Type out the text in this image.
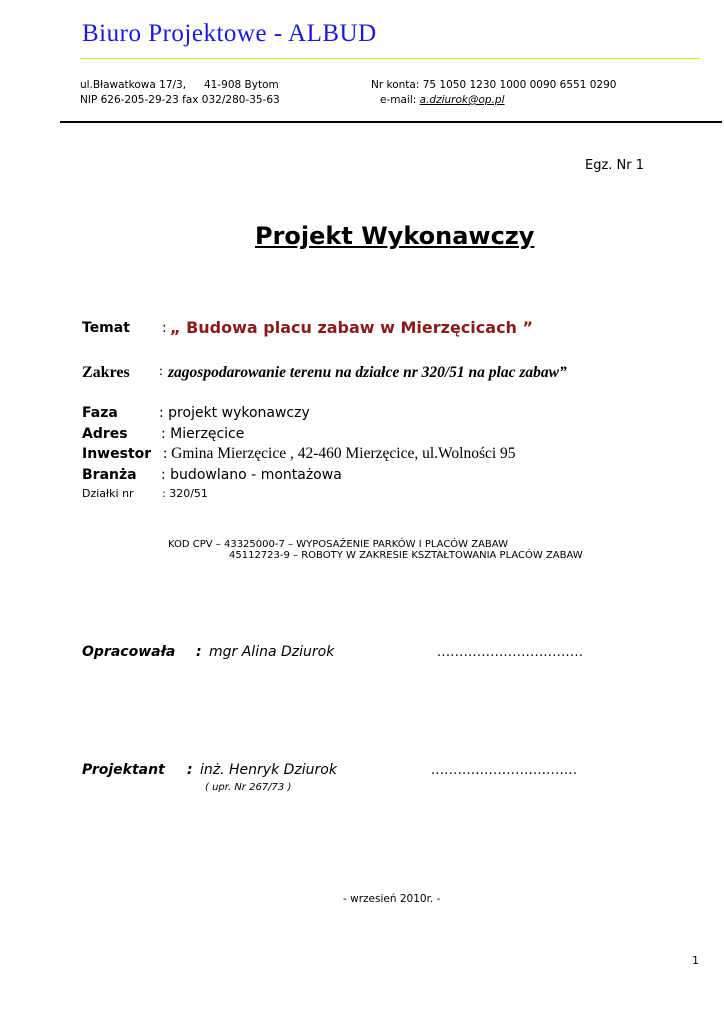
Biuro Projektowe - ALBUD
ul.Bławatkowa 17/3, 41-908 Bytom
NIP 626-205-29-23 fax 032/280-35-63
Nr konta: 75 1050 1230 1000 0090 6551 0290
e-mail: a.dziurok@op.pl
Egz. Nr 1
Projekt Wykonawczy
Temat : „ Budowa placu zabaw w Mierzęcicach ”
Zakres : zagospodarowanie terenu na działce nr 320/51 na plac zabaw”
Faza	: projekt wykonawczy
Adres : Mierzęcice
Inwestor : Gmina Mierzęcice , 42-460 Mierzęcice, ul.Wolności 95
Branża : budowlano - montażowa
Działki nr	: 320/51
KOD CPV – 43325000-7 – WYPOSAŻENIE PARKÓW I PLACÓW ZABAW
45112723-9 – ROBOTY W ZAKRESIE KSZTAŁTOWANIA PLACÓW ZABAW
Opracowała : mgr Alina Dziurok	.................................
Projektant : inż. Henryk Dziurok	.................................
( upr. Nr 267/73 )
- wrzesień 2010r. -
1
